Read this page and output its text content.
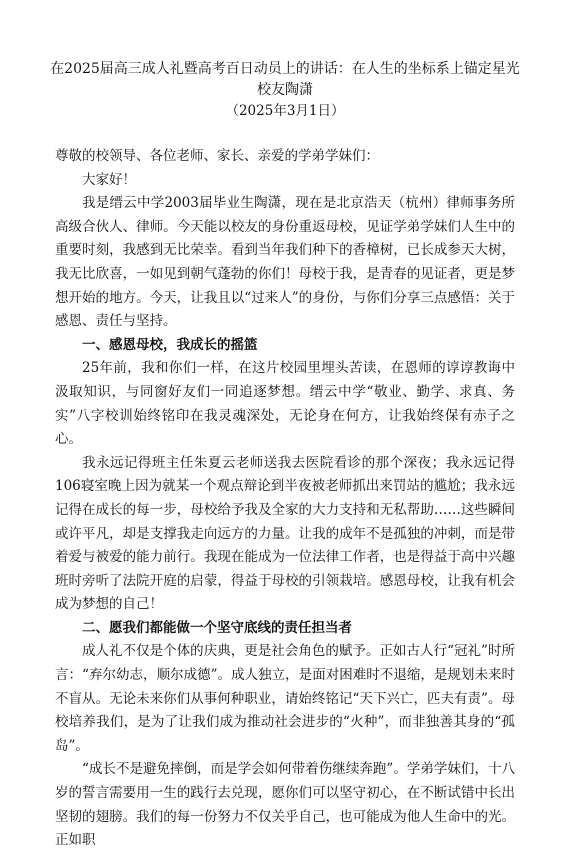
在2025届高三成人礼暨高考百日动员上的讲话：在人生的坐标系上锚定星光
校友陶潇
（2025年3月1日）

尊敬的校领导、各位老师、家长、亲爱的学弟学妹们：

大家好！

我是缙云中学2003届毕业生陶潇，现在是北京浩天（杭州）律师事务所高级合伙人、律师。今天能以校友的身份重返母校，见证学弟学妹们人生中的重要时刻，我感到无比荣幸。看到当年我们种下的香樟树，已长成参天大树，我无比欣喜，一如见到朝气蓬勃的你们！母校于我，是青春的见证者，更是梦想开始的地方。今天，让我且以“过来人”的身份，与你们分享三点感悟：关于感恩、责任与坚持。

一、感恩母校，我成长的摇篮

25年前，我和你们一样，在这片校园里埋头苦读，在恩师的谆谆教诲中汲取知识，与同窗好友们一同追逐梦想。缙云中学“敬业、勤学、求真、务实”八字校训始终铭印在我灵魂深处，无论身在何方，让我始终保有赤子之心。

我永远记得班主任朱夏云老师送我去医院看诊的那个深夜；我永远记得106寝室晚上因为就某一个观点辩论到半夜被老师抓出来罚站的尴尬；我永远记得在成长的每一步，母校给予我及全家的大力支持和无私帮助……这些瞬间或许平凡，却是支撑我走向远方的力量。让我的成年不是孤独的冲刺，而是带着爱与被爱的能力前行。我现在能成为一位法律工作者，也是得益于高中兴趣班时旁听了法院开庭的启蒙，得益于母校的引领栽培。感恩母校，让我有机会成为梦想的自己！

二、愿我们都能做一个坚守底线的责任担当者

成人礼不仅是个体的庆典，更是社会角色的赋予。正如古人行“冠礼”时所言：“弃尔幼志，顺尔成德”。成人独立，是面对困难时不退缩，是规划未来时不盲从。无论未来你们从事何种职业，请始终铭记“天下兴亡，匹夫有责”。母校培养我们，是为了让我们成为推动社会进步的“火种”，而非独善其身的“孤岛”。

“成长不是避免摔倒，而是学会如何带着伤继续奔跑”。学弟学妹们，十八岁的誓言需要用一生的践行去兑现，愿你们可以坚守初心，在不断试错中长出坚韧的翅膀。我们的每一份努力不仅关乎自己，也可能成为他人生命中的光。正如职
